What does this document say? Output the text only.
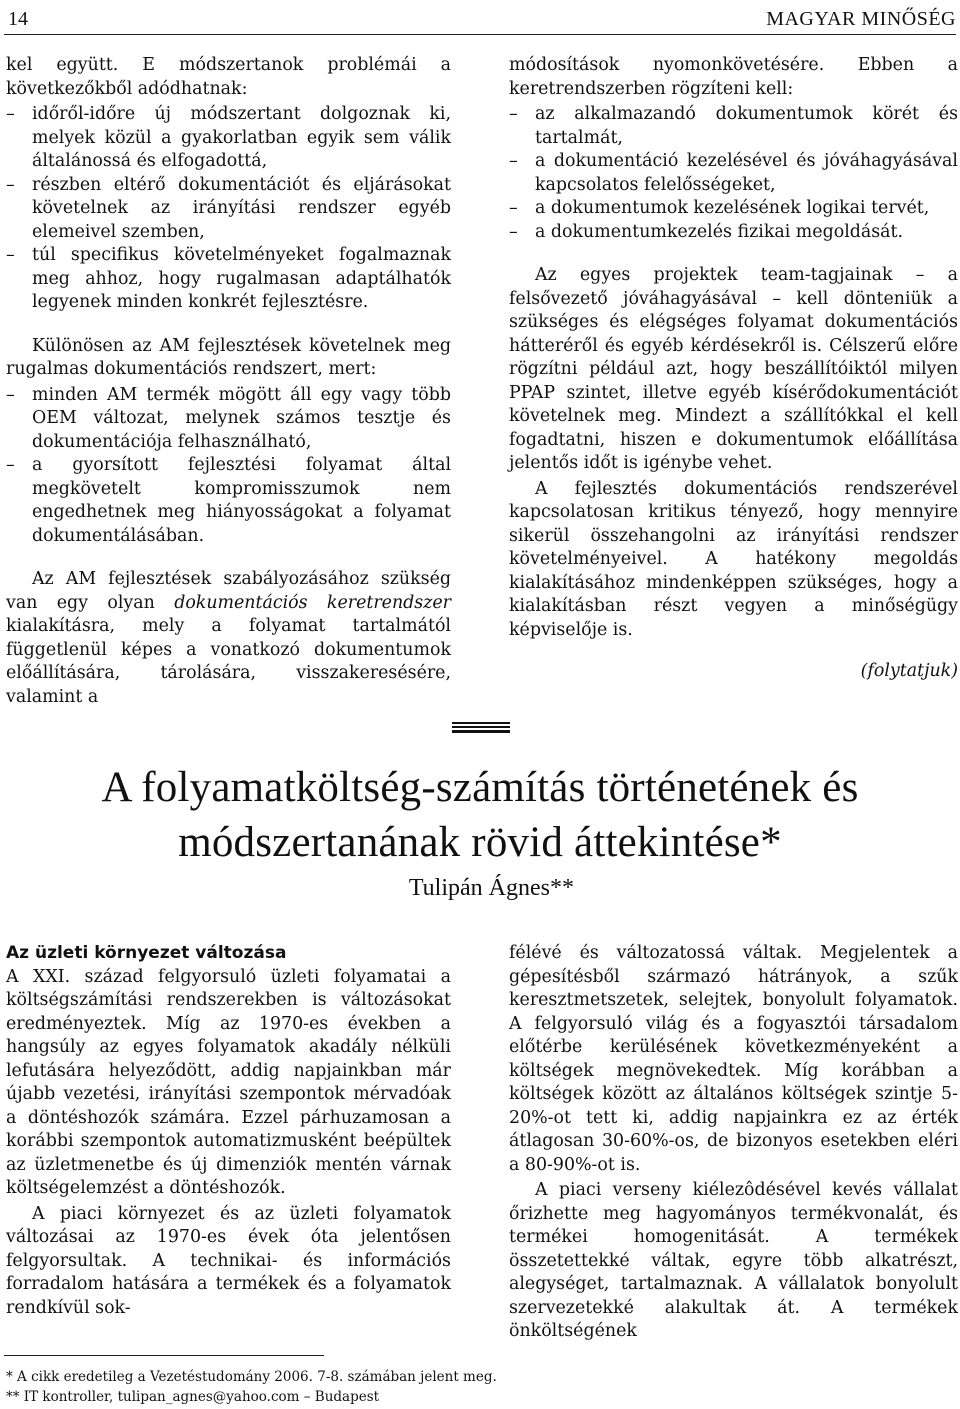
14	MAGYAR MINŐSÉG

kel együtt. E módszertanok problémái a következőkből adódhatnak:

– időről-időre új módszertant dolgoznak ki, melyek közül a gyakorlatban egyik sem válik általánossá és elfogadottá,
– részben eltérő dokumentációt és eljárásokat követelnek az irányítási rendszer egyéb elemeivel szemben,
– túl specifikus követelményeket fogalmaznak meg ahhoz, hogy rugalmasan adaptálhatók legyenek minden konkrét fejlesztésre.

Különösen az AM fejlesztések követelnek meg rugalmas dokumentációs rendszert, mert:

– minden AM termék mögött áll egy vagy több OEM változat, melynek számos tesztje és dokumentációja felhasználható,
– a gyorsított fejlesztési folyamat által megkövetelt kompromisszumok nem engedhetnek meg hiányosságokat a folyamat dokumentálásában.

Az AM fejlesztések szabályozásához szükség van egy olyan dokumentációs keretrendszer kialakításra, mely a folyamat tartalmától függetlenül képes a vonatkozó dokumentumok előállítására, tárolására, visszakeresésére, valamint a

módosítások nyomonkövetésére. Ebben a keretrendszerben rögzíteni kell:

– az alkalmazandó dokumentumok körét és tartalmát,
– a dokumentáció kezelésével és jóváhagyásával kapcsolatos felelősségeket,
– a dokumentumok kezelésének logikai tervét,
– a dokumentumkezelés fizikai megoldását.

Az egyes projektek team-tagjainak – a felsővezető jóváhagyásával – kell dönteniük a szükséges és elégséges folyamat dokumentációs hátteréről és egyéb kérdésekről is. Célszerű előre rögzítni például azt, hogy beszállítóiktól milyen PPAP szintet, illetve egyéb kísérődokumentációt követelnek meg. Mindezt a szállítókkal el kell fogadtatni, hiszen e dokumentumok előállítása jelentős időt is igénybe vehet.

A fejlesztés dokumentációs rendszerével kapcsolatosan kritikus tényező, hogy mennyire sikerül összehangolni az irányítási rendszer követelményeivel. A hatékony megoldás kialakításához mindenképpen szükséges, hogy a kialakításban részt vegyen a minőségügy képviselője is.

(folytatjuk)

A folyamatköltség-számítás történetének és
módszertanának rövid áttekintése*
Tulipán Ágnes**
Az üzleti környezet változása

A XXI. század felgyorsuló üzleti folyamatai a költségszámítási rendszerekben is változásokat eredményeztek. Míg az 1970-es években a hangsúly az egyes folyamatok akadály nélküli lefutására helyeződött, addig napjainkban már újabb vezetési, irányítási szempontok mérvadóak a döntéshozók számára. Ezzel párhuzamosan a korábbi szempontok automatizmusként beépültek az üzletmenetbe és új dimenziók mentén várnak költségelemzést a döntéshozók.

A piaci környezet és az üzleti folyamatok változásai az 1970-es évek óta jelentősen felgyorsultak. A technikai- és információs forradalom hatására a termékek és a folyamatok rendkívül sok-

félévé és változatossá váltak. Megjelentek a gépesítésből származó hátrányok, a szűk keresztmetszetek, selejtek, bonyolult folyamatok. A felgyorsuló világ és a fogyasztói társadalom előtérbe kerülésének következményeként a költségek megnövekedtek. Míg korábban a költségek között az általános költségek szintje 5-20%-ot tett ki, addig napjainkra ez az érték átlagosan 30-60%-os, de bizonyos esetekben eléri a 80-90%-ot is.

A piaci verseny kiélezôdésével kevés vállalat őrizhette meg hagyományos termékvonalát, és termékei homogenitását. A termékek összetettekké váltak, egyre több alkatrészt, alegységet, tartalmaznak. A vállalatok bonyolult szervezetekké alakultak át. A termékek önköltségének

* A cikk eredetileg a Vezetéstudomány 2006. 7-8. számában jelent meg.
** IT kontroller, tulipan_agnes@yahoo.com – Budapest
